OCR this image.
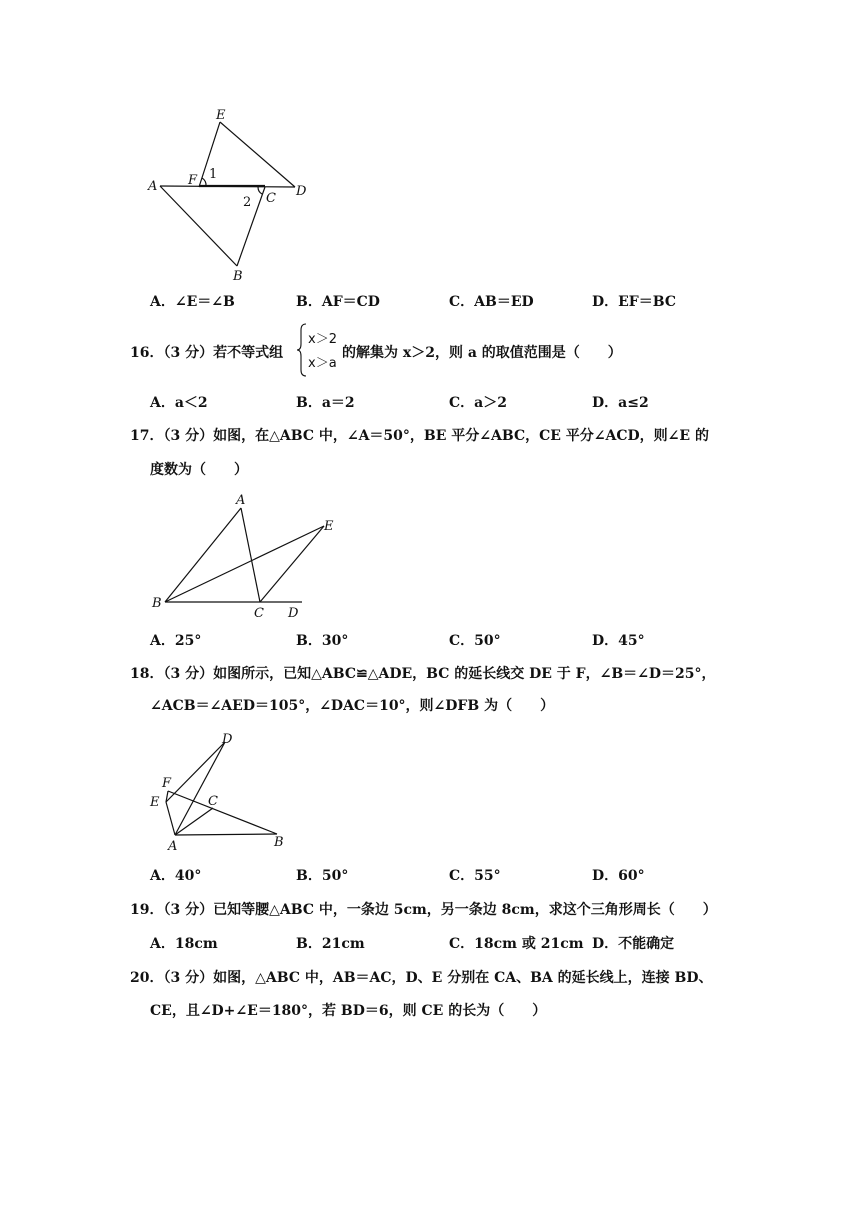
E
F 1
A
2 C D
B
A．∠E＝∠B	B．AF＝CD	C．AB＝ED	D．EF＝BC
16．（3 分）若不等式组
x＞2
x＞a
的解集为 x＞2，则 a 的取值范围是（　　）
A．a＜2	B．a＝2	C．a＞2	D．a≤2
17．（3 分）如图，在△ABC 中，∠A＝50°，BE 平分∠ABC，CE 平分∠ACD，则∠E 的
度数为（　　）
A
E
B
C D
A．25°	B．30°	C．50°	D．45°
18．（3 分）如图所示，已知△ABC≌△ADE，BC 的延长线交 DE 于 F，∠B＝∠D＝25°，
∠ACB＝∠AED＝105°，∠DAC＝10°，则∠DFB 为（　　）
D
F
C
E
A	B
A．40°	B．50°	C．55°	D．60°
19．（3 分）已知等腰△ABC 中，一条边 5cm，另一条边 8cm，求这个三角形周长（　　）
A．18cm	B．21cm	C．18cm 或 21cm D．不能确定
20．（3 分）如图，△ABC 中，AB＝AC，D、E 分别在 CA、BA 的延长线上，连接 BD、
CE，且∠D+∠E＝180°，若 BD＝6，则 CE 的长为（　　）
